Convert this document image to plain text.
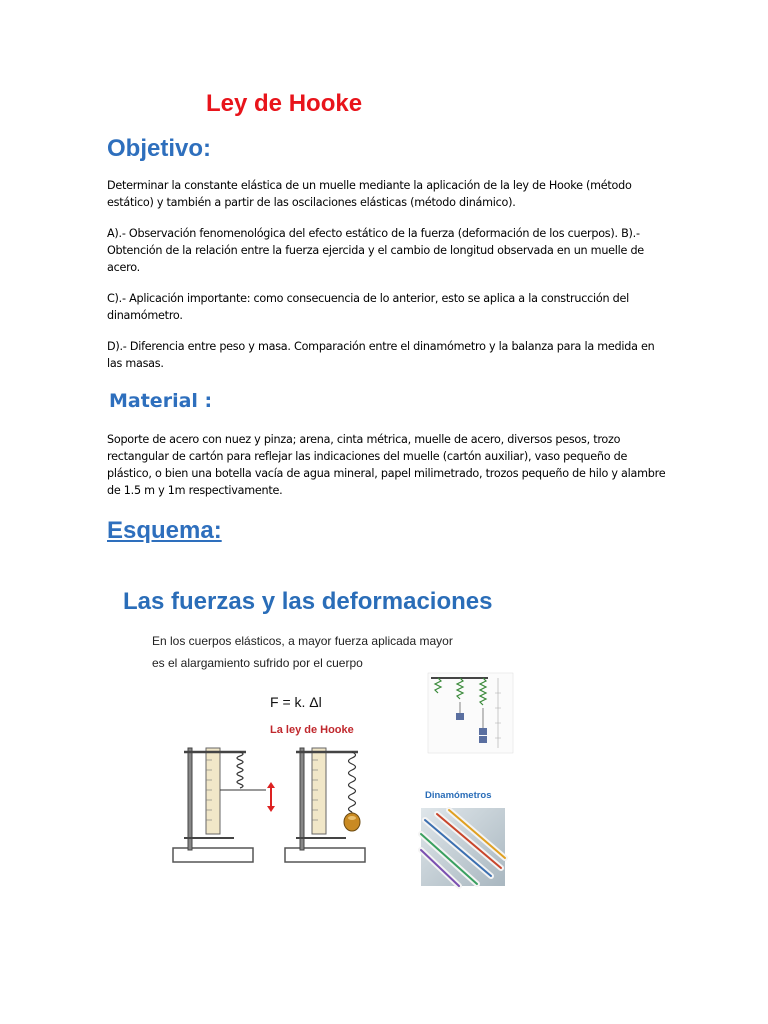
Ley de Hooke
Objetivo:

Determinar la constante elástica de un muelle mediante la aplicación de la ley de Hooke (método estático) y también a partir de las oscilaciones elásticas (método dinámico).

A).- Observación fenomenológica del efecto estático de la fuerza (deformación de los cuerpos). B).- Obtención de la relación entre la fuerza ejercida y el cambio de longitud observada en un muelle de acero.

C).- Aplicación importante: como consecuencia de lo anterior, esto se aplica a la construcción del dinamómetro.

D).- Diferencia entre peso y masa. Comparación entre el dinamómetro y la balanza para la medida en las masas.

Material :

Soporte de acero con nuez y pinza; arena, cinta métrica, muelle de acero, diversos pesos, trozo rectangular de cartón para reflejar las indicaciones del muelle (cartón auxiliar), vaso pequeño de plástico, o bien una botella vacía de agua mineral, papel milimetrado, trozos pequeño de hilo y alambre de 1.5 m y 1m respectivamente.

Esquema:
Las fuerzas y las deformaciones
En los cuerpos elásticos, a mayor fuerza aplicada mayor
es el alargamiento sufrido por el cuerpo
F = k. Δl
La ley de Hooke
Dinamómetros
